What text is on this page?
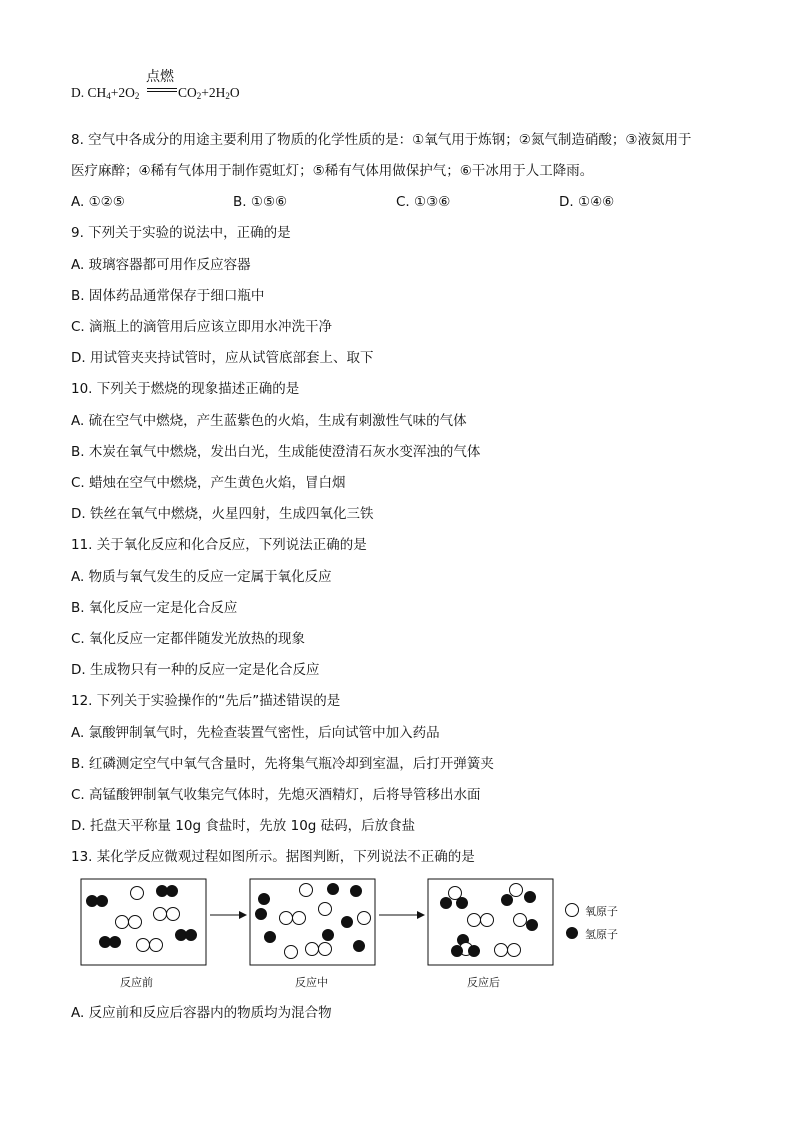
点燃
D. $CH_4+2O_2$	$CO_2+2H_2O$
8. 空气中各成分的用途主要利用了物质的化学性质的是：①氧气用于炼钢；②氮气制造硝酸；③液氮用于
医疗麻醉；④稀有气体用于制作霓虹灯；⑤稀有气体用做保护气；⑥干冰用于人工降雨。
A. ①②⑤	B. ①⑤⑥	C. ①③⑥	D. ①④⑥
9. 下列关于实验的说法中，正确的是
A. 玻璃容器都可用作反应容器
B. 固体药品通常保存于细口瓶中
C. 滴瓶上的滴管用后应该立即用水冲洗干净
D. 用试管夹夹持试管时，应从试管底部套上、取下
10. 下列关于燃烧的现象描述正确的是
A. 硫在空气中燃烧，产生蓝紫色的火焰，生成有刺激性气味的气体
B. 木炭在氧气中燃烧，发出白光，生成能使澄清石灰水变浑浊的气体
C. 蜡烛在空气中燃烧，产生黄色火焰，冒白烟
D. 铁丝在氧气中燃烧，火星四射，生成四氧化三铁
11. 关于氧化反应和化合反应，下列说法正确的是
A. 物质与氧气发生的反应一定属于氧化反应
B. 氧化反应一定是化合反应
C. 氧化反应一定都伴随发光放热的现象
D. 生成物只有一种的反应一定是化合反应
12. 下列关于实验操作的“先后”描述错误的是
A. 氯酸钾制氧气时，先检查装置气密性，后向试管中加入药品
B. 红磷测定空气中氧气含量时，先将集气瓶冷却到室温，后打开弹簧夹
C. 高锰酸钾制氧气收集完气体时，先熄灭酒精灯，后将导管移出水面
D. 托盘天平称量 10g 食盐时，先放 10g 砝码，后放食盐
13. 某化学反应微观过程如图所示。据图判断，下列说法不正确的是
反应前	反应中	反应后
氧原子
氢原子
A. 反应前和反应后容器内的物质均为混合物
